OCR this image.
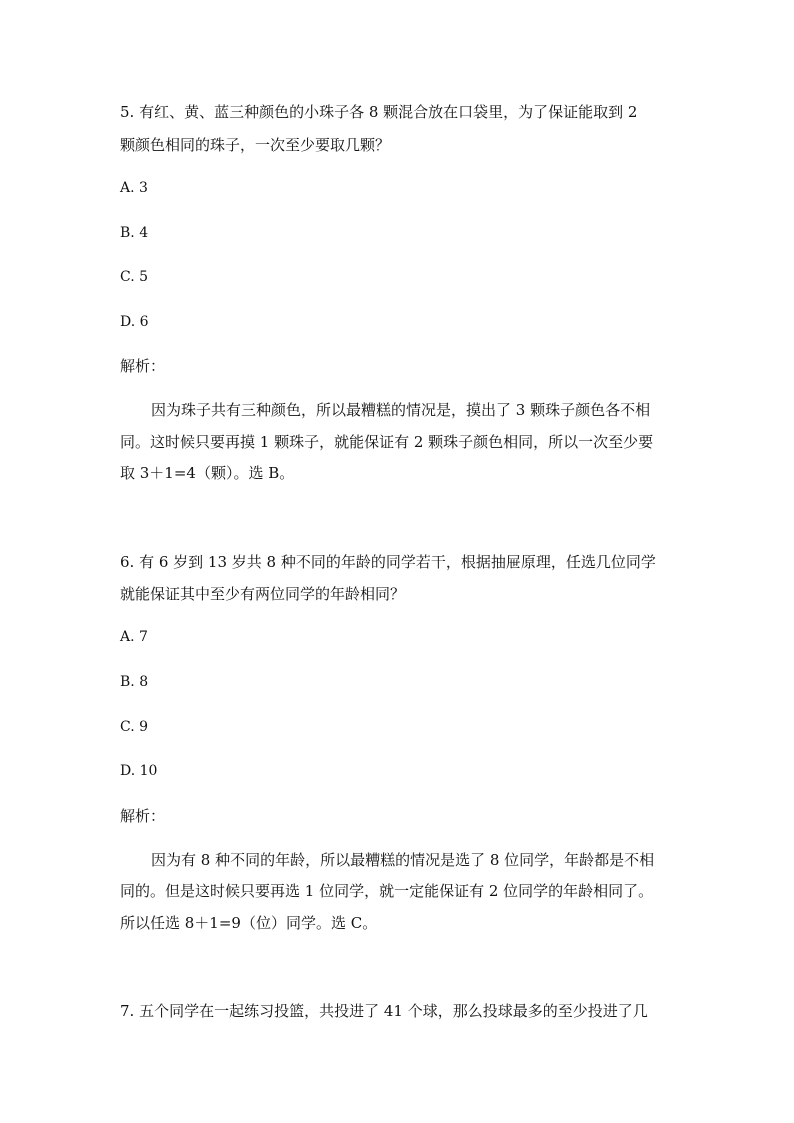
5. 有红、黄、蓝三种颜色的小珠子各 8 颗混合放在口袋里，为了保证能取到 2
颗颜色相同的珠子，一次至少要取几颗？
A. 3
B. 4
C. 5
D. 6
解析：
因为珠子共有三种颜色，所以最糟糕的情况是，摸出了 3 颗珠子颜色各不相
同。这时候只要再摸 1 颗珠子，就能保证有 2 颗珠子颜色相同，所以一次至少要
取 3＋1=4（颗）。选 B。
6. 有 6 岁到 13 岁共 8 种不同的年龄的同学若干，根据抽屉原理，任选几位同学
就能保证其中至少有两位同学的年龄相同？
A. 7
B. 8
C. 9
D. 10
解析：
因为有 8 种不同的年龄，所以最糟糕的情况是选了 8 位同学，年龄都是不相
同的。但是这时候只要再选 1 位同学，就一定能保证有 2 位同学的年龄相同了。
所以任选 8＋1=9（位）同学。选 C。
7. 五个同学在一起练习投篮，共投进了 41 个球，那么投球最多的至少投进了几
